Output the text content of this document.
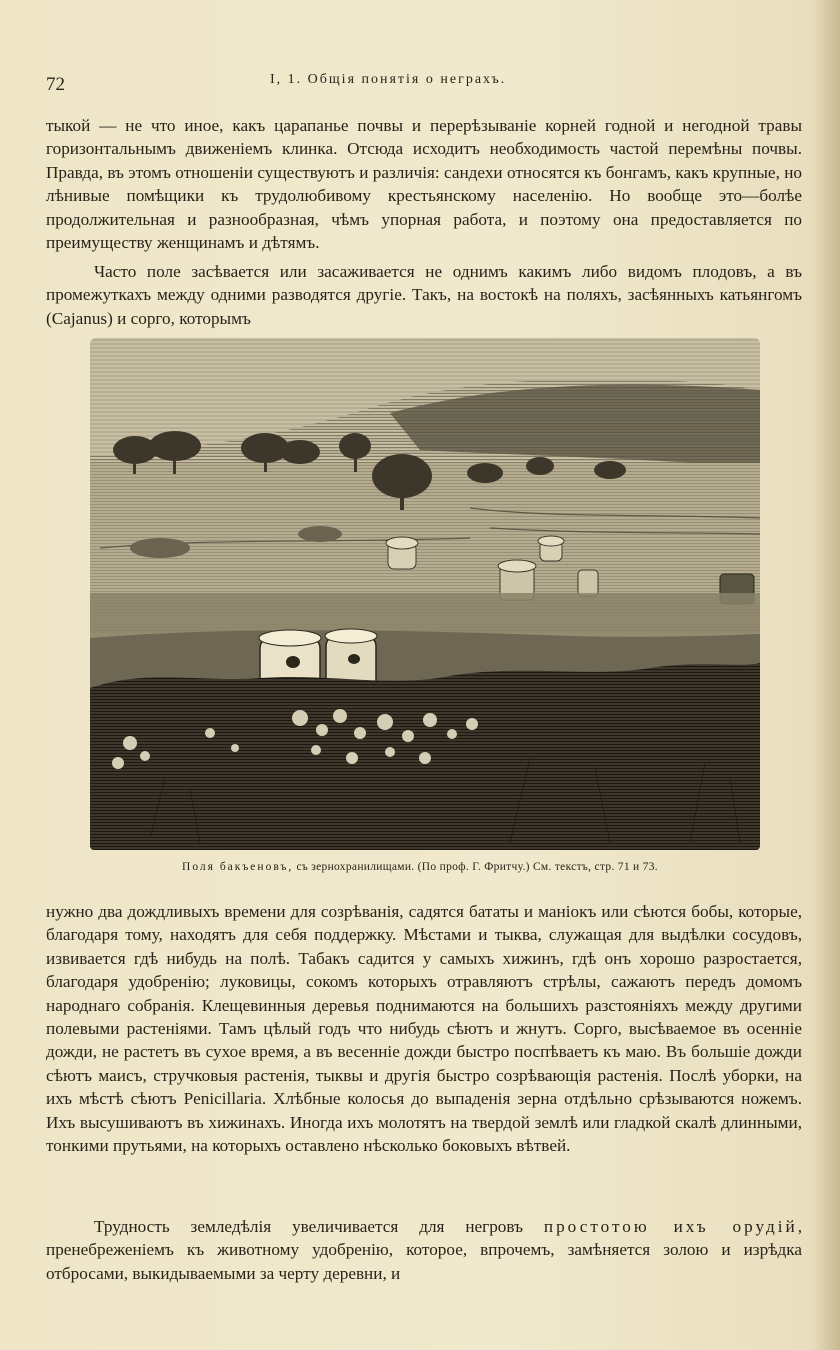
72	I, 1. Общія понятія о неграхъ.
тыкой — не что иное, какъ царапанье почвы и перерѣзываніе корней годной и негодной травы горизонтальнымъ движеніемъ клинка. Отсюда исходитъ необходимость частой перемѣны почвы. Правда, въ этомъ отношеніи существуютъ и различія: сандехи относятся къ бонгамъ, какъ крупные, но лѣнивые помѣщики къ трудолюбивому крестьянскому населенію. Но вообще это—болѣе продолжительная и разнообразная, чѣмъ упорная работа, и поэтому она предоставляется по преимуществу женщинамъ и дѣтямъ.
Часто поле засѣвается или засаживается не однимъ какимъ либо видомъ плодовъ, а въ промежуткахъ между одними разводятся другіе. Такъ, на востокѣ на поляхъ, засѣянныхъ катьянгомъ (Cajanus) и сорго, которымъ
Поля бакъеновъ, съ зернохранилищами. (По проф. Г. Фритчу.) См. текстъ, стр. 71 и 73.
нужно два дождливыхъ времени для созрѣванія, садятся бататы и маніокъ или сѣются бобы, которые, благодаря тому, находятъ для себя поддержку. Мѣстами и тыква, служащая для выдѣлки сосудовъ, извивается гдѣ нибудь на полѣ. Табакъ садится у самыхъ хижинъ, гдѣ онъ хорошо разростается, благодаря удобренію; луковицы, сокомъ которыхъ отравляютъ стрѣлы, сажаютъ передъ домомъ народнаго собранія. Клещевинныя деревья поднимаются на большихъ разстояніяхъ между другими полевыми растеніями. Тамъ цѣлый годъ что нибудь сѣютъ и жнутъ. Сорго, высѣваемое въ осенніе дожди, не растетъ въ сухое время, а въ весенніе дожди быстро поспѣваетъ къ маю. Въ большіе дожди сѣютъ маисъ, стручковыя растенія, тыквы и другія быстро созрѣвающія растенія. Послѣ уборки, на ихъ мѣстѣ сѣютъ Penicillaria. Хлѣбные колосья до выпаденія зерна отдѣльно срѣзываются ножемъ. Ихъ высушиваютъ въ хижинахъ. Иногда ихъ молотятъ на твердой землѣ или гладкой скалѣ длинными, тонкими прутьями, на которыхъ оставлено нѣсколько боковыхъ вѣтвей.
Трудность земледѣлія увеличивается для негровъ простотою ихъ орудій, пренебреженіемъ къ животному удобренію, которое, впрочемъ, замѣняется золою и изрѣдка отбросами, выкидываемыми за черту деревни, и
